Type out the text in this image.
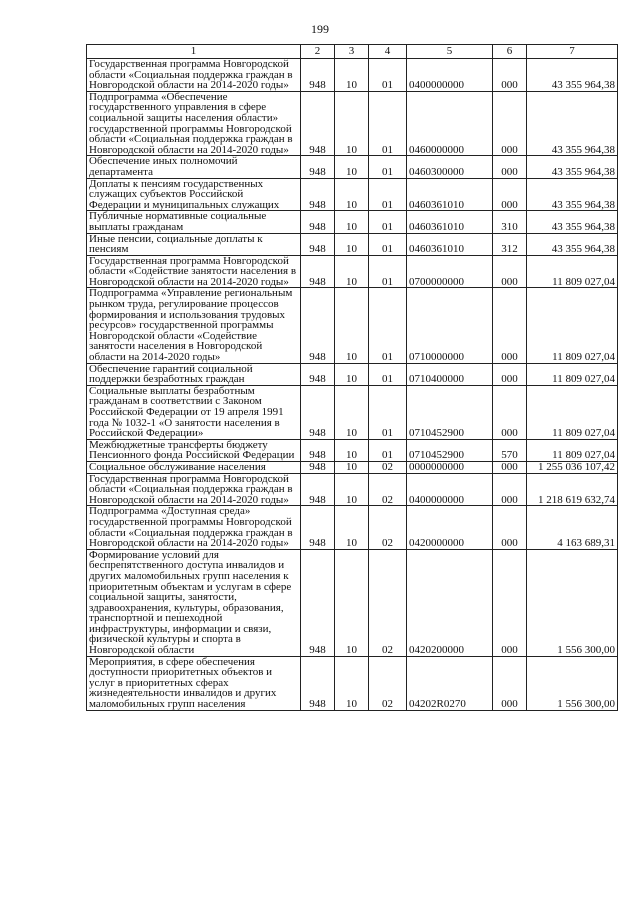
199
1	2	3	4	5	6	7
Государственная программа Новгородской области «Социальная поддержка граждан в Новгородской области на 2014-2020 годы»	948	10	01	0400000000	000	43 355 964,38
Подпрограмма «Обеспечение государственного управления в сфере социальной защиты населения области» государственной программы Новгородской области «Социальная поддержка граждан в Новгородской области на 2014-2020 годы»	948	10	01	0460000000	000	43 355 964,38
Обеспечение иных полномочий департамента	948	10	01	0460300000	000	43 355 964,38
Доплаты к пенсиям государственных служащих субъектов Российской Федерации и муниципальных служащих	948	10	01	0460361010	000	43 355 964,38
Публичные нормативные социальные выплаты гражданам	948	10	01	0460361010	310	43 355 964,38
Иные пенсии, социальные доплаты к пенсиям	948	10	01	0460361010	312	43 355 964,38
Государственная программа Новгородской области «Содействие занятости населения в Новгородской области на 2014-2020 годы»	948	10	01	0700000000	000	11 809 027,04
Подпрограмма «Управление региональным рынком труда, регулирование процессов формирования и использования трудовых ресурсов» государственной программы Новгородской области «Содействие занятости населения в Новгородской области на 2014-2020 годы»	948	10	01	0710000000	000	11 809 027,04
Обеспечение гарантий социальной поддержки безработных граждан	948	10	01	0710400000	000	11 809 027,04
Социальные выплаты безработным гражданам в соответствии с Законом Российской Федерации от 19 апреля 1991 года № 1032-1 «О занятости населения в Российской Федерации»	948	10	01	0710452900	000	11 809 027,04
Межбюджетные трансферты бюджету Пенсионного фонда Российской Федерации	948	10	01	0710452900	570	11 809 027,04
Социальное обслуживание населения	948	10	02	0000000000	000	1 255 036 107,42
Государственная программа Новгородской области «Социальная поддержка граждан в Новгородской области на 2014-2020 годы»	948	10	02	0400000000	000	1 218 619 632,74
Подпрограмма «Доступная среда» государственной программы Новгородской области «Социальная поддержка граждан в Новгородской области на 2014-2020 годы»	948	10	02	0420000000	000	4 163 689,31
Формирование условий для беспрепятственного доступа инвалидов и других маломобильных групп населения к приоритетным объектам и услугам в сфере социальной защиты, занятости, здравоохранения, культуры, образования, транспортной и пешеходной инфраструктуры, информации и связи, физической культуры и спорта в Новгородской области	948	10	02	0420200000	000	1 556 300,00
Мероприятия, в сфере обеспечения доступности приоритетных объектов и услуг в приоритетных сферах жизнедеятельности инвалидов и других маломобильных групп населения	948	10	02	04202R0270	000	1 556 300,00
